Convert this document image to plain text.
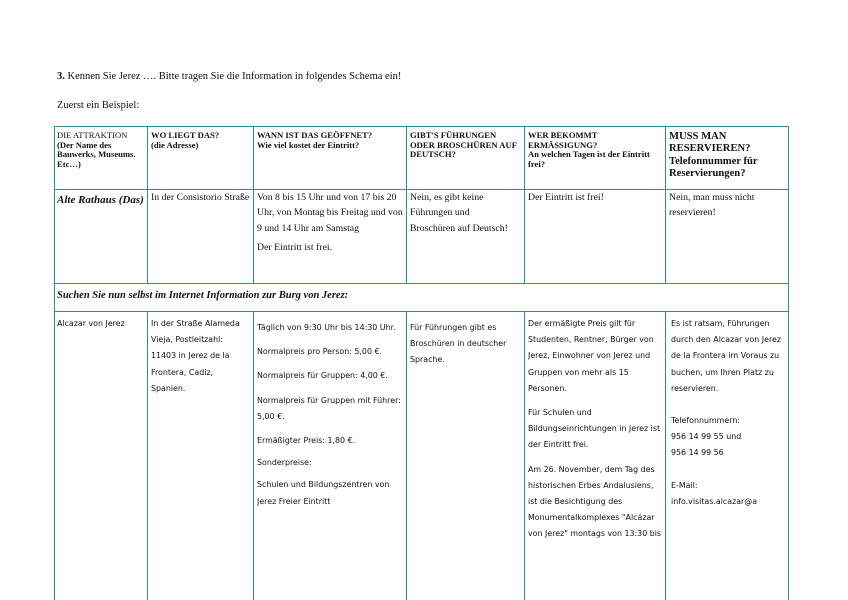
3. Kennen Sie Jerez …. Bitte tragen Sie die Information in folgendes Schema ein!
Zuerst ein Beispiel:
DIE ATTRAKTION
(Der Name des Bauwerks, Museums. Etc…)
WO LIEGT DAS?
(die Adresse)
WANN IST DAS GEÖFFNET?
Wie viel kostet der Eintritt?
GIBT'S FÜHRUNGEN ODER BROSCHÜREN AUF DEUTSCH?
WER BEKOMMT ERMÄSSIGUNG?
An welchen Tagen ist der Eintritt frei?
MUSS MAN RESERVIEREN? Telefonnummer für Reservierungen?
Alte Rathaus (Das) In der Consistorio Straße Von 8 bis 15 Uhr und von 17 bis 20 Uhr, von Montag bis Freitag und von 9 und 14 Uhr am Samstag
Der Eintritt ist frei.
Nein, es gibt keine Führungen und Broschüren auf Deutsch!
Der Eintritt ist frei!	Nein, man muss nicht reservieren!
Suchen Sie nun selbst im Internet Information zur Burg von Jerez:
Alcazar von Jerez	In der Straße Alameda Vieja, Postleitzahl: 11403 in Jerez de la Frontera, Cadiz, Spanien.

Täglich von 9:30 Uhr bis 14:30 Uhr.

Normalpreis pro Person: 5,00 €.

Normalpreis für Gruppen: 4,00 €.

Normalpreis für Gruppen mit Führer: 5,00 €.

Ermäßigter Preis: 1,80 €.

Sonderpreise:

Schulen und Bildungszentren von Jerez Freier Eintritt

Für Führungen gibt es Broschüren in deutscher Sprache.

Der ermäßigte Preis gilt für Studenten, Rentner, Bürger von Jerez, Einwohner von Jerez und Gruppen von mehr als 15 Personen.

Für Schulen und Bildungseinrichtungen in Jerez ist der Eintritt frei.

Am 26. November, dem Tag des historischen Erbes Andalusiens, ist die Besichtigung des Monumentalkomplexes "Alcázar von Jerez" montags von 13:30 bis

Es ist ratsam, Führungen durch den Alcazar von Jerez de la Frontera im Voraus zu buchen, um Ihren Platz zu reservieren.
Telefonnummern:
956 14 99 55 und
956 14 99 56
E-Mail:
info.visitas.alcazar@a
